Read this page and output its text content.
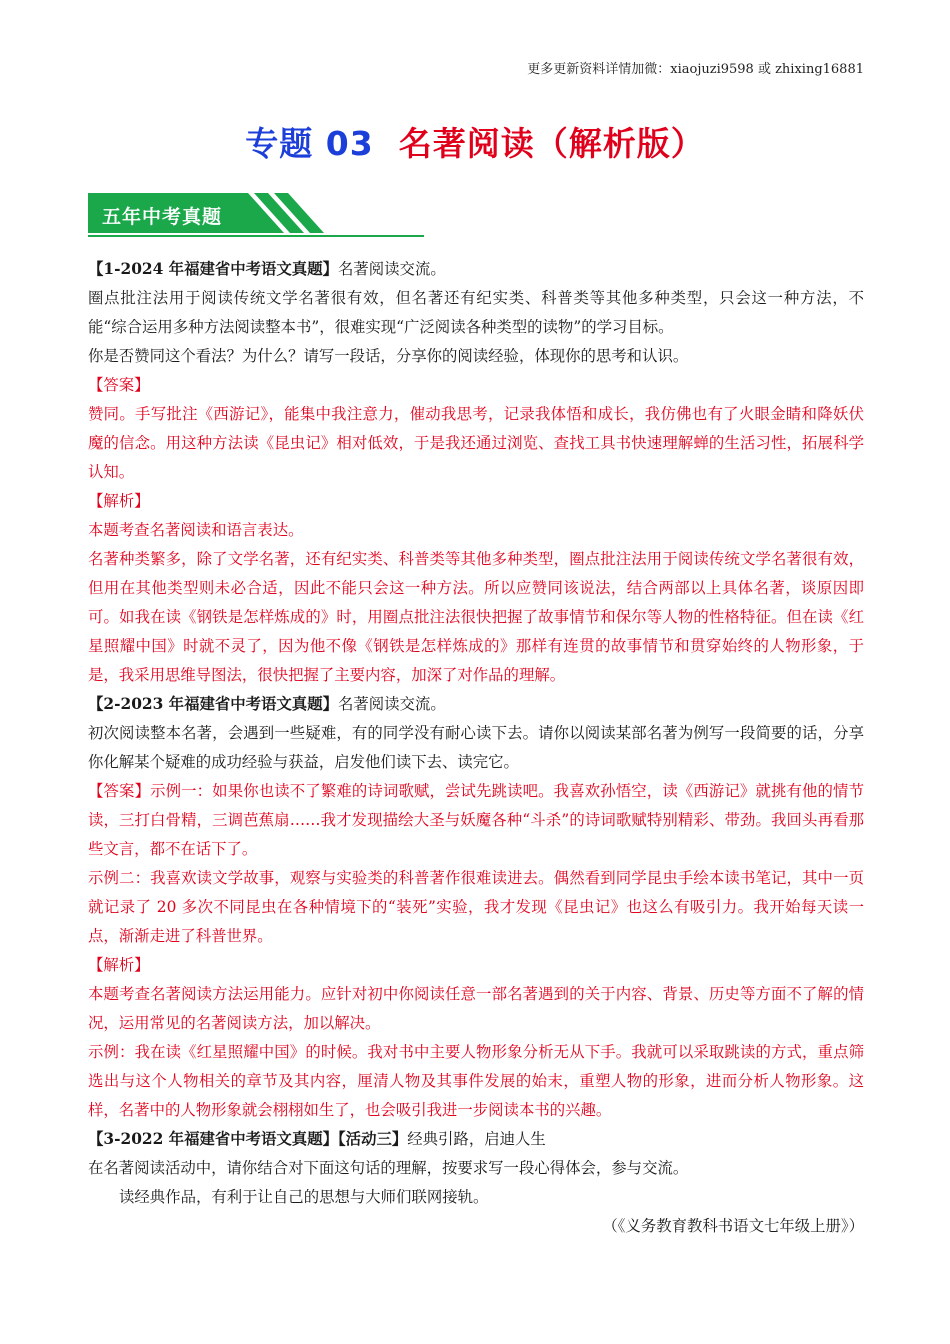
更多更新资料详情加微：xiaojuzi9598 或 zhixing16881
专题 03 名著阅读（解析版）
五年中考真题

【1-2024 年福建省中考语文真题】名著阅读交流。

圈点批注法用于阅读传统文学名著很有效，但名著还有纪实类、科普类等其他多种类型，只会这一种方法，不能“综合运用多种方法阅读整本书”，很难实现“广泛阅读各种类型的读物”的学习目标。

你是否赞同这个看法？为什么？请写一段话，分享你的阅读经验，体现你的思考和认识。

【答案】

赞同。手写批注《西游记》，能集中我注意力，催动我思考，记录我体悟和成长，我仿佛也有了火眼金睛和降妖伏魔的信念。用这种方法读《昆虫记》相对低效，于是我还通过浏览、查找工具书快速理解蝉的生活习性，拓展科学认知。

【解析】

本题考查名著阅读和语言表达。

名著种类繁多，除了文学名著，还有纪实类、科普类等其他多种类型，圈点批注法用于阅读传统文学名著很有效，但用在其他类型则未必合适，因此不能只会这一种方法。所以应赞同该说法，结合两部以上具体名著，谈原因即可。如我在读《钢铁是怎样炼成的》时，用圈点批注法很快把握了故事情节和保尔等人物的性格特征。但在读《红星照耀中国》时就不灵了，因为他不像《钢铁是怎样炼成的》那样有连贯的故事情节和贯穿始终的人物形象，于是，我采用思维导图法，很快把握了主要内容，加深了对作品的理解。

【2-2023 年福建省中考语文真题】名著阅读交流。

初次阅读整本名著，会遇到一些疑难，有的同学没有耐心读下去。请你以阅读某部名著为例写一段简要的话，分享你化解某个疑难的成功经验与获益，启发他们读下去、读完它。

【答案】示例一：如果你也读不了繁难的诗词歌赋，尝试先跳读吧。我喜欢孙悟空，读《西游记》就挑有他的情节读，三打白骨精，三调芭蕉扇……我才发现描绘大圣与妖魔各种“斗杀”的诗词歌赋特别精彩、带劲。我回头再看那些文言，都不在话下了。

示例二：我喜欢读文学故事，观察与实验类的科普著作很难读进去。偶然看到同学昆虫手绘本读书笔记，其中一页就记录了 20 多次不同昆虫在各种情境下的“装死”实验，我才发现《昆虫记》也这么有吸引力。我开始每天读一点，渐渐走进了科普世界。

【解析】

本题考查名著阅读方法运用能力。应针对初中你阅读任意一部名著遇到的关于内容、背景、历史等方面不了解的情况，运用常见的名著阅读方法，加以解决。

示例：我在读《红星照耀中国》的时候。我对书中主要人物形象分析无从下手。我就可以采取跳读的方式，重点筛选出与这个人物相关的章节及其内容，厘清人物及其事件发展的始末，重塑人物的形象，进而分析人物形象。这样，名著中的人物形象就会栩栩如生了，也会吸引我进一步阅读本书的兴趣。

【3-2022 年福建省中考语文真题】【活动三】经典引路，启迪人生

在名著阅读活动中，请你结合对下面这句话的理解，按要求写一段心得体会，参与交流。

读经典作品，有利于让自己的思想与大师们联网接轨。

（《义务教育教科书语文七年级上册》）
